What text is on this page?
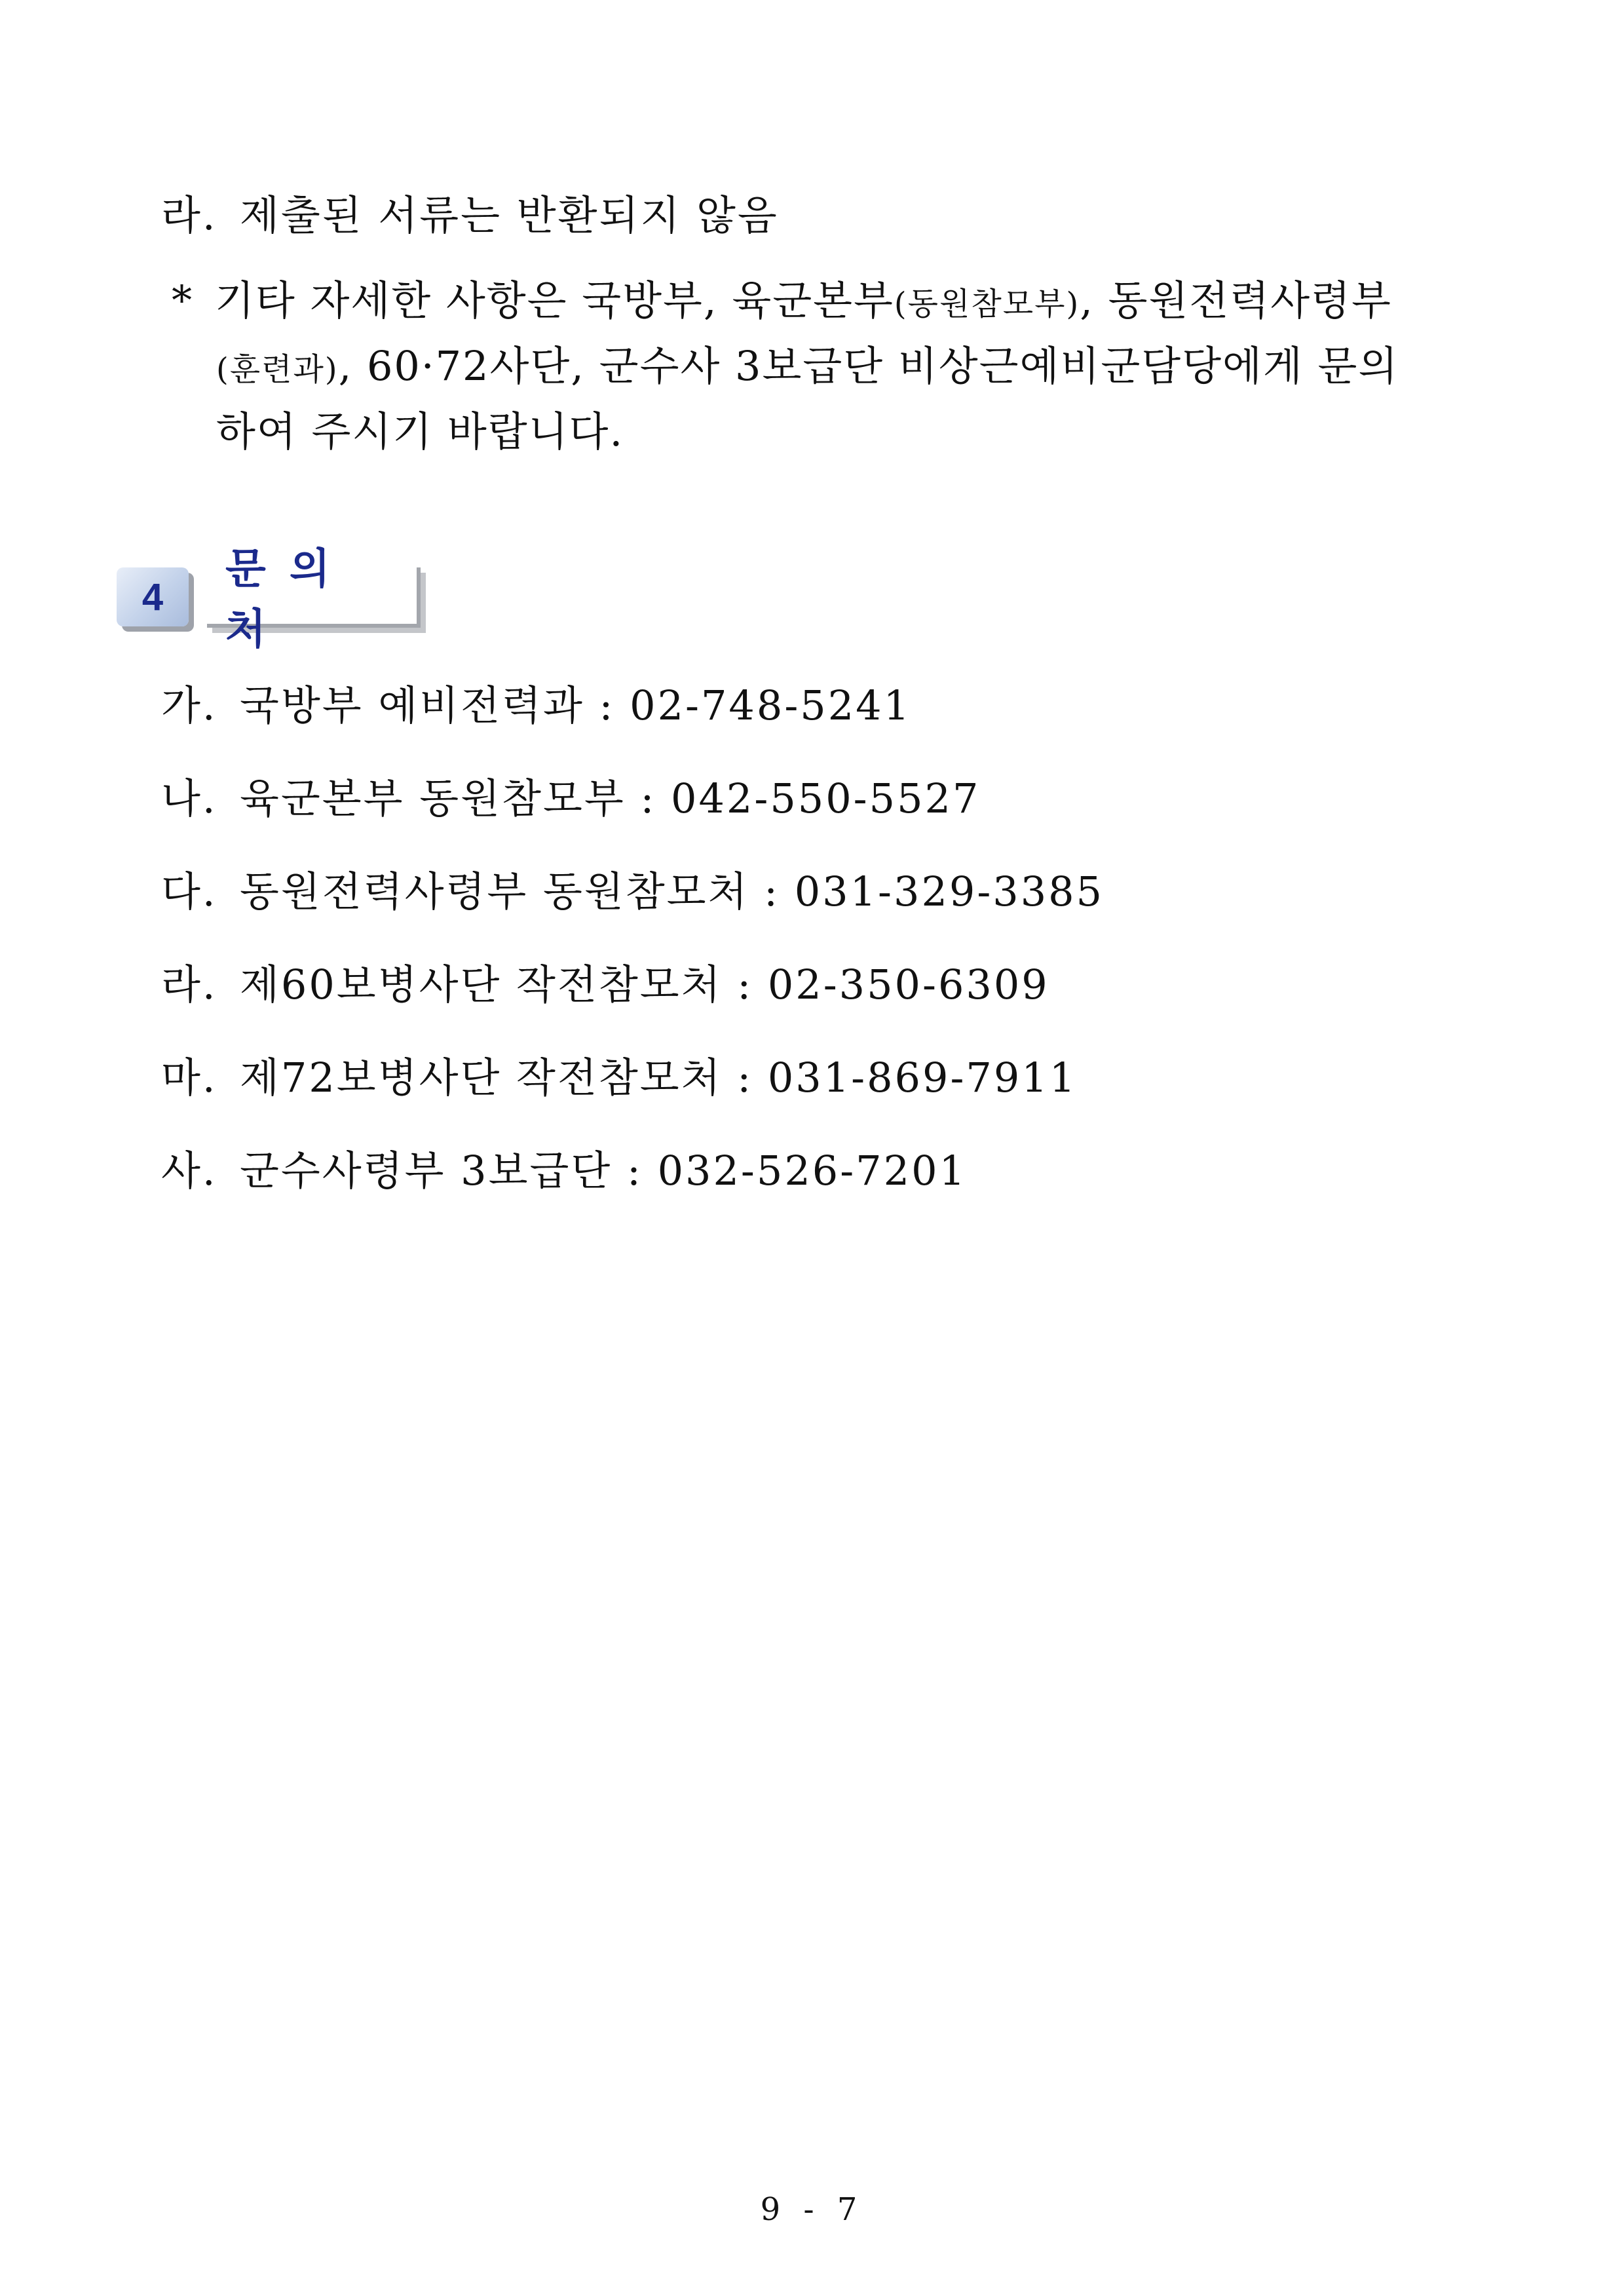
라. 제출된 서류는 반환되지 않음
* 기타 자세한 사항은 국방부, 육군본부(동원참모부), 동원전력사령부
(훈련과), 60·72사단, 군수사 3보급단 비상근예비군담당에게 문의
하여 주시기 바랍니다.
4
문의처
가. 국방부 예비전력과 : 02-748-5241
나. 육군본부 동원참모부 : 042-550-5527
다. 동원전력사령부 동원참모처 : 031-329-3385
라. 제60보병사단 작전참모처 : 02-350-6309
마. 제72보병사단 작전참모처 : 031-869-7911
사. 군수사령부 3보급단 : 032-526-7201
9 - 7
